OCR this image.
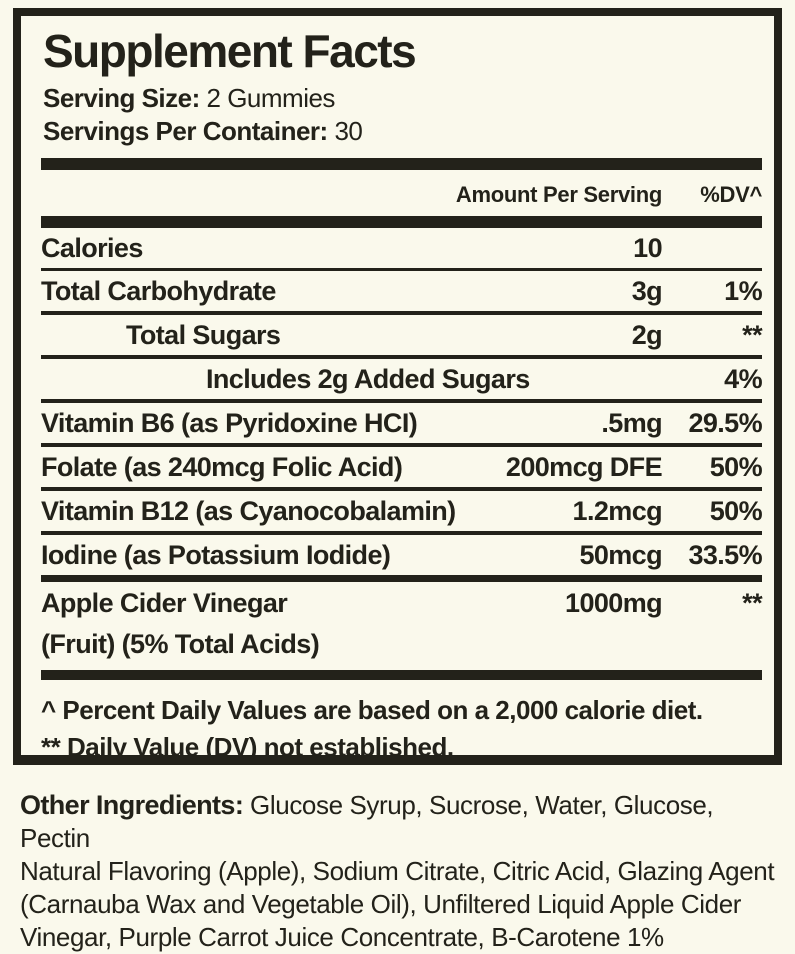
Supplement Facts
Serving Size: 2 Gummies
Servings Per Container: 30
Amount Per Serving	%DV^
Calories	10
Total Carbohydrate	3g	1%
Total Sugars	2g	**
Includes 2g Added Sugars	4%
Vitamin B6 (as Pyridoxine HCI)	.5mg 29.5%
Folate (as 240mcg Folic Acid)	200mcg DFE	50%
Vitamin B12 (as Cyanocobalamin)	1.2mcg	50%
Iodine (as Potassium Iodide)	50mcg 33.5%
Apple Cider Vinegar	1000mg	**
(Fruit) (5% Total Acids)
^ Percent Daily Values are based on a 2,000 calorie diet.
** Daily Value (DV) not established.
Other Ingredients: Glucose Syrup, Sucrose, Water, Glucose, Pectin
Natural Flavoring (Apple), Sodium Citrate, Citric Acid, Glazing Agent
(Carnauba Wax and Vegetable Oil), Unfiltered Liquid Apple Cider
Vinegar, Purple Carrot Juice Concentrate, B-Carotene 1%
